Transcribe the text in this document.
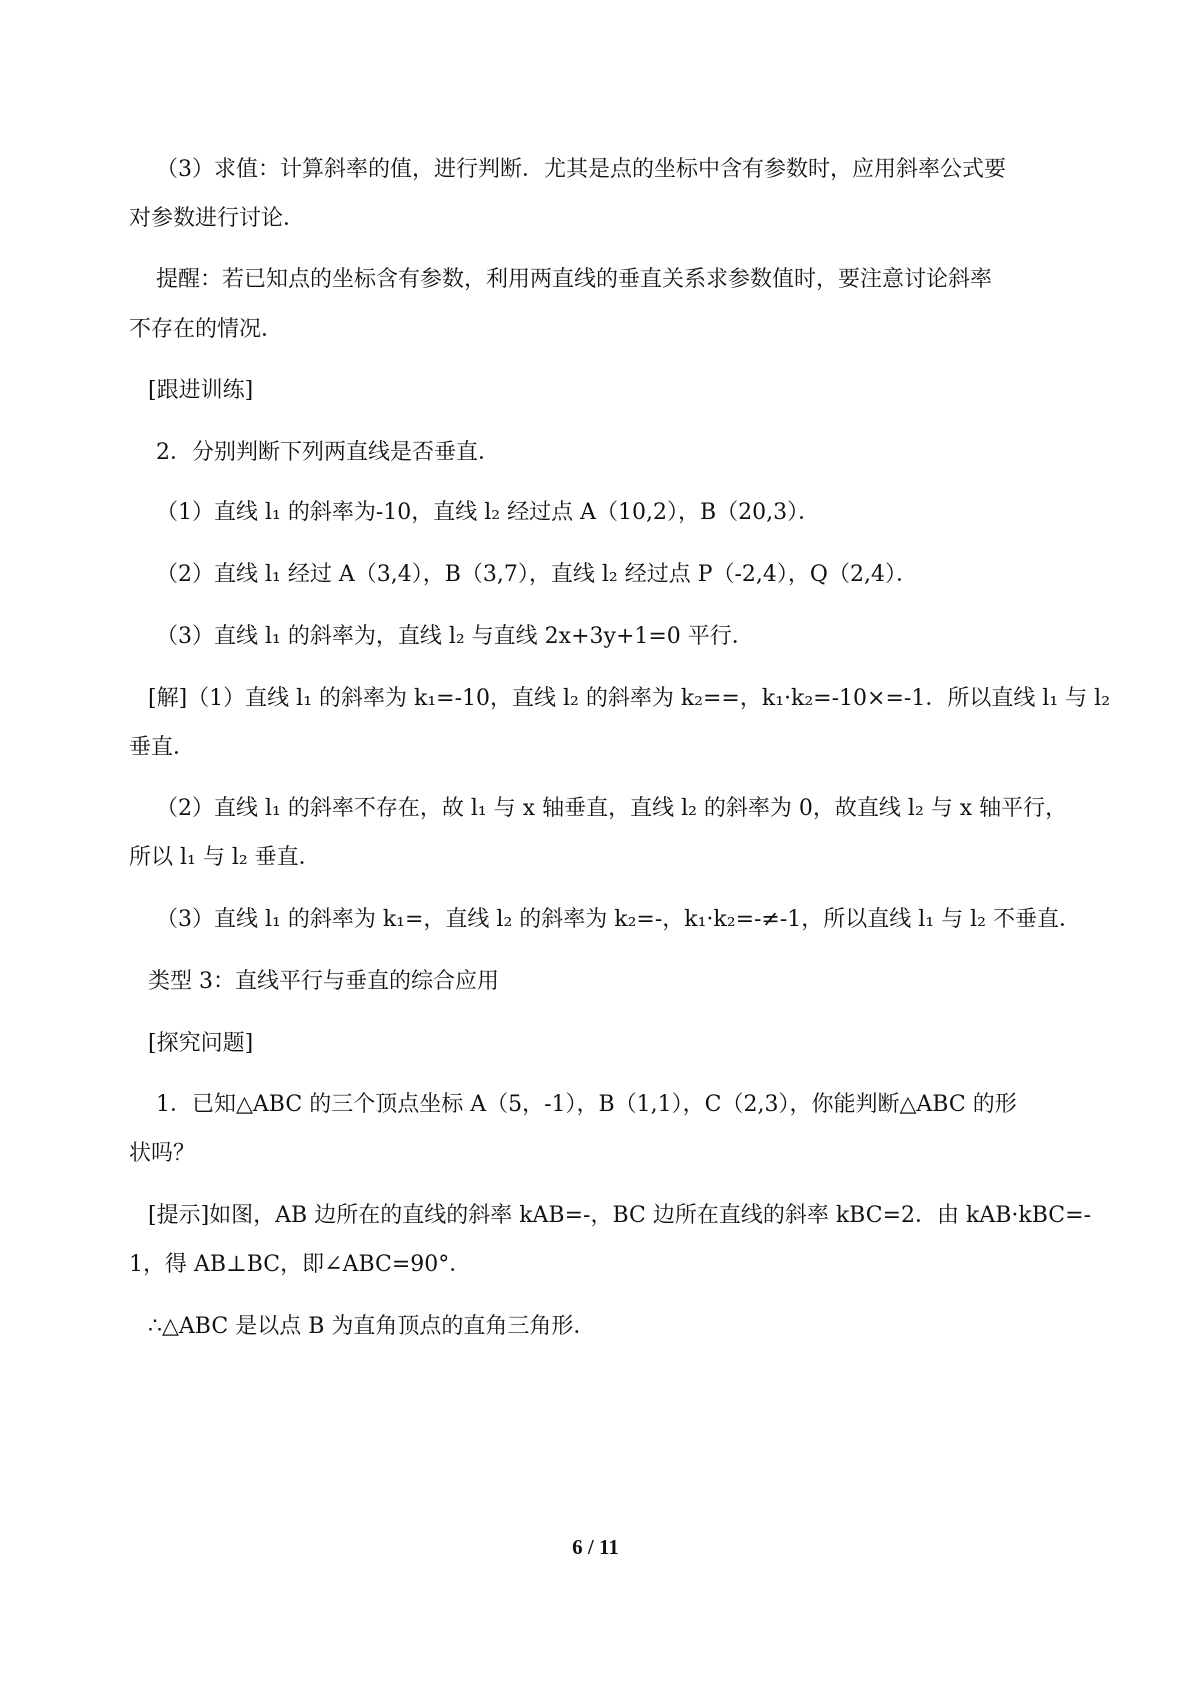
（3）求值：计算斜率的值，进行判断．尤其是点的坐标中含有参数时，应用斜率公式要
对参数进行讨论．
提醒：若已知点的坐标含有参数，利用两直线的垂直关系求参数值时，要注意讨论斜率
不存在的情况．
[跟进训练]
2．分别判断下列两直线是否垂直．
（1）直线 l₁ 的斜率为-10，直线 l₂ 经过点 A（10,2），B（20,3）．
（2）直线 l₁ 经过 A（3,4），B（3,7），直线 l₂ 经过点 P（-2,4），Q（2,4）．
（3）直线 l₁ 的斜率为，直线 l₂ 与直线 2x+3y+1=0 平行．
[解]（1）直线 l₁ 的斜率为 k₁=-10，直线 l₂ 的斜率为 k₂==，k₁·k₂=-10×=-1．所以直线 l₁ 与 l₂
垂直．
（2）直线 l₁ 的斜率不存在，故 l₁ 与 x 轴垂直，直线 l₂ 的斜率为 0，故直线 l₂ 与 x 轴平行，
所以 l₁ 与 l₂ 垂直．
（3）直线 l₁ 的斜率为 k₁=，直线 l₂ 的斜率为 k₂=-，k₁·k₂=-≠-1，所以直线 l₁ 与 l₂ 不垂直．
类型 3：直线平行与垂直的综合应用
[探究问题]
1．已知△ABC 的三个顶点坐标 A（5，-1），B（1,1），C（2,3），你能判断△ABC 的形
状吗？
[提示]如图，AB 边所在的直线的斜率 kAB=-，BC 边所在直线的斜率 kBC=2．由 kAB·kBC=-
1，得 AB⊥BC，即∠ABC=90°．
∴△ABC 是以点 B 为直角顶点的直角三角形．
6 / 11
